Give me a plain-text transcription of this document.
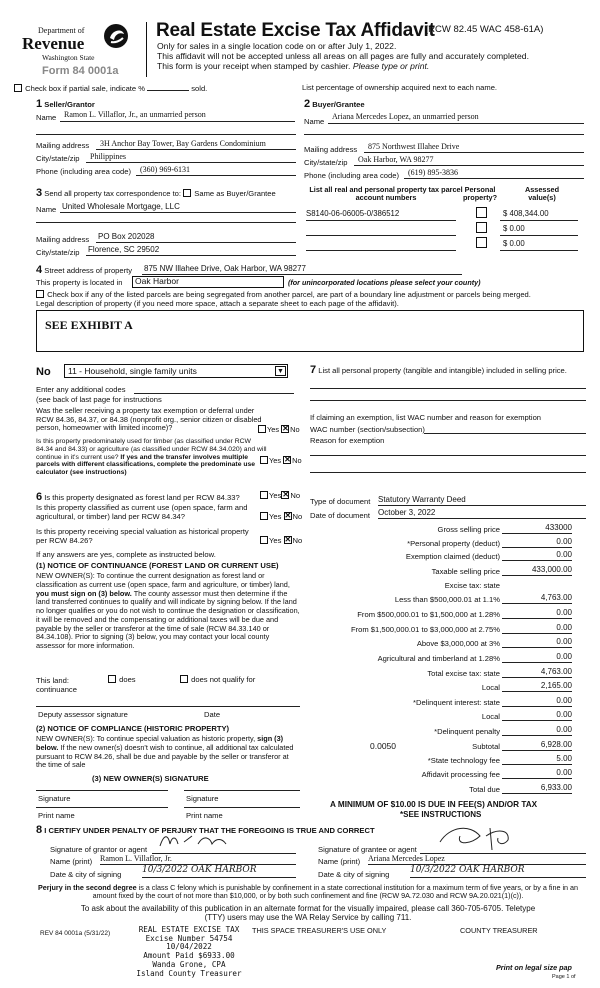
Department of
Revenue
Washington State
Form 84 0001a
Real Estate Excise Tax Affidavit
(RCW 82.45 WAC 458-61A)
Only for sales in a single location code on or after July 1, 2022.
This affidavit will not be accepted unless all areas on all pages are fully and accurately completed.
This form is your receipt when stamped by cashier. Please type or print.
Check box if partial sale, indicate %	sold.	List percentage of ownership acquired next to each name.
1 Seller/Grantor
Name Ramon L. Villaflor, Jr., an unmarried person
Mailing address	3H Anchor Bay Tower, Bay Gardens Condominium
City/state/zip	Philippines
Phone (including area code)	(360) 969-6131
2 Buyer/Grantee
Name
Ariana Mercedes Lopez, an unmarried person
Mailing address	875 Northwest Illahee Drive
City/state/zip	Oak Harbor, WA 98277
Phone (including area code)	(619) 895-3836
3 Send all property tax correspondence to: Same as Buyer/Grantee
Name United Wholesale Mortgage, LLC
Mailing address PO Box 202028
City/state/zip Florence, SC 29502
List all real and personal property tax parcel account numbers
Personal property?
Assessed value(s)
S8140-06-06005-0/386512	$ 408,344.00
$ 0.00
$ 0.00
4 Street address of property 875 NW Illahee Drive, Oak Harbor, WA 98277
This property is located in	Oak Harbor	(for unincorporated locations please select your county)
Check box if any of the listed parcels are being segregated from another parcel, are part of a boundary line adjustment or parcels being merged.
Legal description of property (if you need more space, attach a separate sheet to each page of the affidavit).
SEE EXHIBIT A
No	11 - Household, single family units	▼
Enter any additional codes
(see back of last page for instructions
Was the seller receiving a property tax exemption or deferral under RCW 84.36, 84.37, or 84.38 (nonprofit org., senior citizen or disabled person, homeowner with limited income)?	Yes ✕ No
Is this property predominately used for timber (as classified under RCW 84.34 and 84.33) or agriculture (as classified under RCW 84.34.020) and will continue in it's current use? If yes and the transfer involves multiple parcels with different classifications, complete the predominate use calculator (see instructions)
Yes ✕ No
6 Is this property designated as forest land per RCW 84.33?	Yes ✕ No
Is this property classified as current use (open space, farm and agricultural, or timber) land per RCW 84.34?	Yes ✕ No
Is this property receiving special valuation as historical property per RCW 84.26?	Yes ✕ No
If any answers are yes, complete as instructed below.
(1) NOTICE OF CONTINUANCE (FOREST LAND OR CURRENT USE)
NEW OWNER(S): To continue the current designation as forest land or classification as current use (open space, farm and agriculture, or timber) land, you must sign on (3) below. The county assessor must then determine if the land transferred continues to qualify and will indicate by signing below. If the land no longer qualifies or you do not wish to continue the designation or classification, it will be removed and the compensating or additional taxes will be due and payable by the seller or transferor at the time of sale (RCW 84.33.140 or 84.34.108). Prior to signing (3) below, you may contact your local county assessor for more information.
This land:	does	does not qualify for
continuance
Deputy assessor signature	Date
(2) NOTICE OF COMPLIANCE (HISTORIC PROPERTY)
NEW OWNER(S): To continue special valuation as historic property, sign (3) below. If the new owner(s) doesn't wish to continue, all additional tax calculated pursuant to RCW 84.26, shall be due and payable by the seller or transferor at the time of sale
(3) NEW OWNER(S) SIGNATURE
Signature	Signature
Print name	Print name
7 List all personal property (tangible and intangible) included in selling price.
If claiming an exemption, list WAC number and reason for exemption
WAC number (section/subsection)
Reason for exemption
Type of document Statutory Warranty Deed
Date of document October 3, 2022
Gross selling price	433000
*Personal property (deduct)	0.00
Exemption claimed (deduct)	0.00
Taxable selling price	433,000.00
Excise tax: state
Less than $500,000.01 at 1.1%	4,763.00
From $500,000.01 to $1,500,000 at 1.28%	0.00
From $1,500,000.01 to $3,000,000 at 2.75%	0.00
Above $3,000,000 at 3%	0.00
Agricultural and timberland at 1.28%	0.00
Total excise tax: state	4,763.00
Local	2,165.00
*Delinquent interest: state	0.00
Local	0.00
*Delinquent penalty	0.00
Subtotal	6,928.00
*State technology fee	5.00
Affidavit processing fee	0.00
Total due	6,933.00
0.0050
A MINIMUM OF $10.00 IS DUE IN FEE(S) AND/OR TAX
*SEE INSTRUCTIONS
8 I CERTIFY UNDER PENALTY OF PERJURY THAT THE FOREGOING IS TRUE AND CORRECT
Signature of grantor or agent
Name (print) Ramon L. Villaflor, Jr.
Date & city of signing 10/3/2022 OAK HARBOR
Signature of grantee or agent
Name (print) Ariana Mercedes Lopez
Date & city of signing 10/3/2022 OAK HARBOR
Perjury in the second degree is a class C felony which is punishable by confinement in a state correctional institution for a maximum term of five years, or by a fine in an amount fixed by the court of not more than $10,000, or by both such confinement and fine (RCW 9A.72.030 and RCW 9A.20.021(1)(c)).
To ask about the availability of this publication in an alternate format for the visually impaired, please call 360-705-6705. Teletype
(TTY) users may use the WA Relay Service by calling 711.
REV 84 0001a (5/31/22)	REAL ESTATE EXCISE TAX
Excise Number 54754
10/04/2022
Amount Paid $6933.00
Wanda Grone, CPA
Island County Treasurer
THIS SPACE TREASURER'S USE ONLY	COUNTY TREASURER
Print on legal size pap
Page 1 of
